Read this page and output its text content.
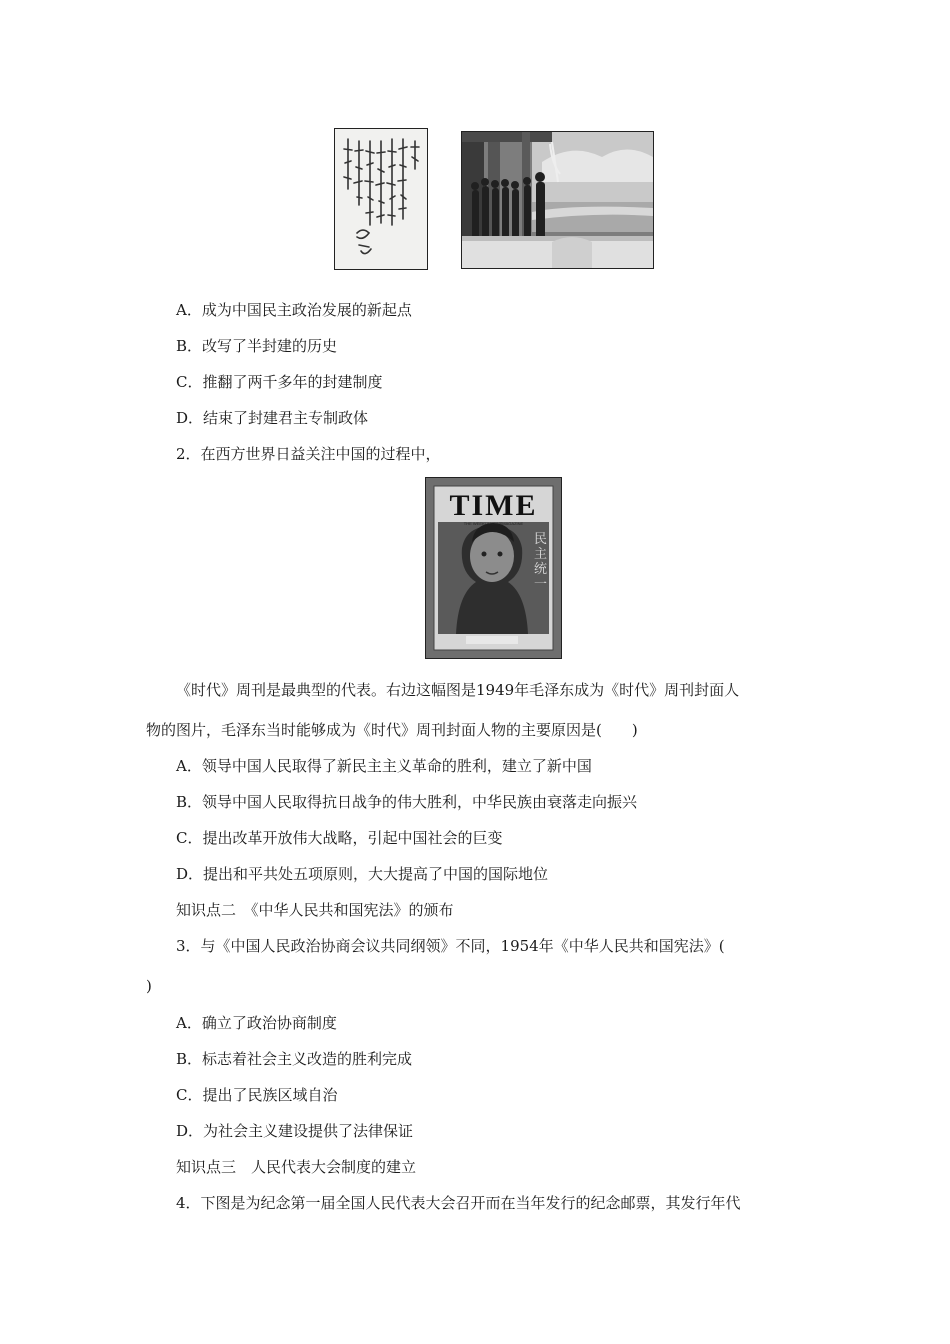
A．成为中国民主政治发展的新起点
B．改写了半封建的历史
C．推翻了两千多年的封建制度
D．结束了封建君主专制政体
2．在西方世界日益关注中国的过程中，
TIME
THE WEEKLY NEWSMAGAZINE
民主统一
《时代》周刊是最典型的代表。右边这幅图是1949年毛泽东成为《时代》周刊封面人
物的图片，毛泽东当时能够成为《时代》周刊封面人物的主要原因是(　　)
A．领导中国人民取得了新民主主义革命的胜利，建立了新中国
B．领导中国人民取得抗日战争的伟大胜利，中华民族由衰落走向振兴
C．提出改革开放伟大战略，引起中国社会的巨变
D．提出和平共处五项原则，大大提高了中国的国际地位
知识点二　《中华人民共和国宪法》的颁布
3．与《中国人民政治协商会议共同纲领》不同，1954年《中华人民共和国宪法》(
)
A．确立了政治协商制度
B．标志着社会主义改造的胜利完成
C．提出了民族区域自治
D．为社会主义建设提供了法律保证
知识点三　人民代表大会制度的建立
4．下图是为纪念第一届全国人民代表大会召开而在当年发行的纪念邮票，其发行年代
